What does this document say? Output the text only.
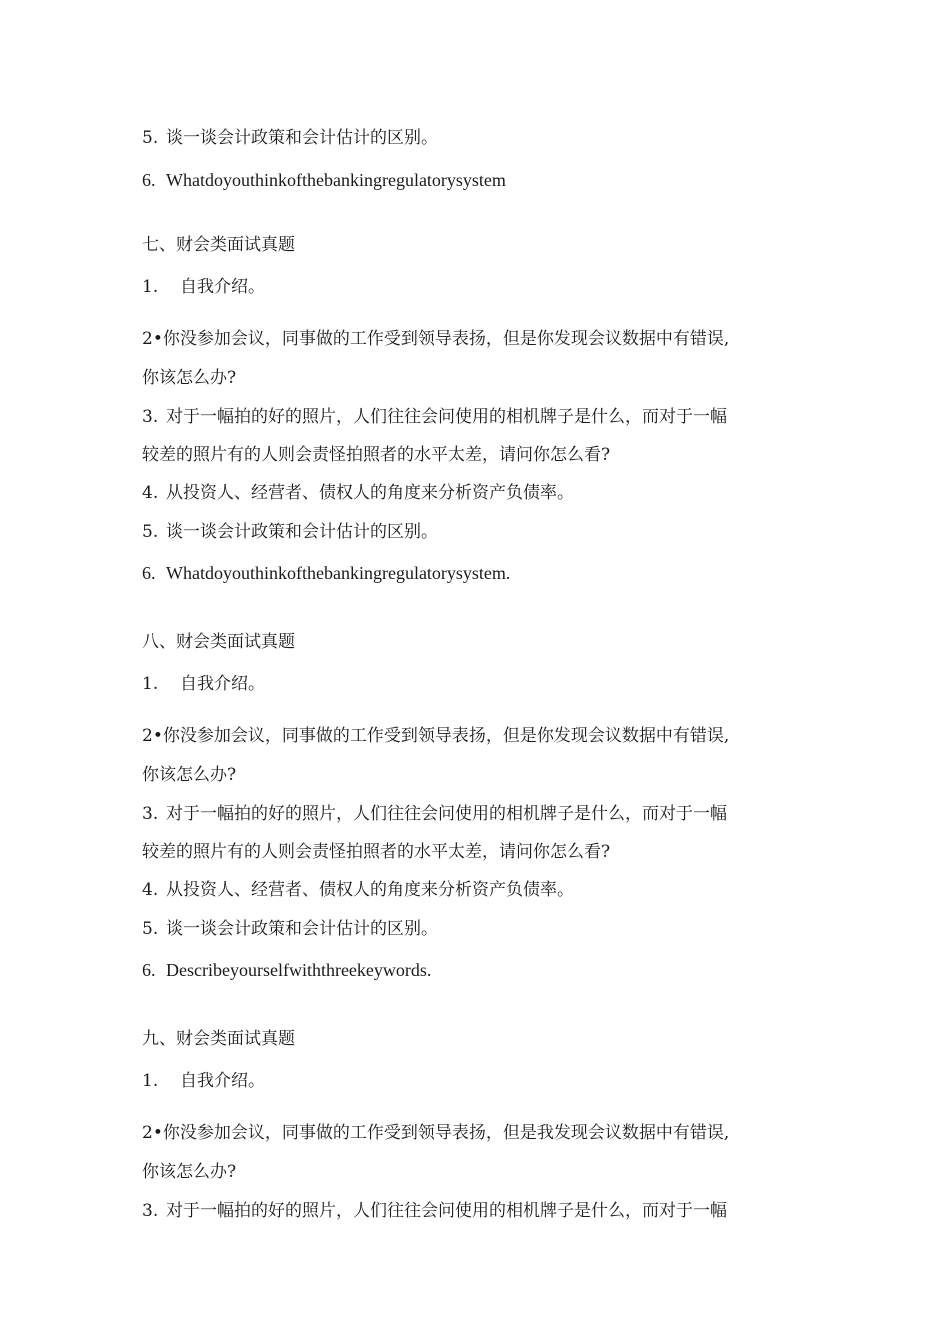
5. 谈一谈会计政策和会计估计的区别。
6. Whatdoyouthinkofthebankingregulatorysystem
七、财会类面试真题
1. 自我介绍。
2•你没参加会议，同事做的工作受到领导表扬，但是你发现会议数据中有错误,
你该怎么办?
3. 对于一幅拍的好的照片，人们往往会问使用的相机牌子是什么，而对于一幅
较差的照片有的人则会责怪拍照者的水平太差，请问你怎么看?
4. 从投资人、经营者、债权人的角度来分析资产负债率。
5. 谈一谈会计政策和会计估计的区别。
6. Whatdoyouthinkofthebankingregulatorysystem.
八、财会类面试真题
1. 自我介绍。
2•你没参加会议，同事做的工作受到领导表扬，但是你发现会议数据中有错误,
你该怎么办?
3. 对于一幅拍的好的照片，人们往往会问使用的相机牌子是什么，而对于一幅
较差的照片有的人则会责怪拍照者的水平太差，请问你怎么看?
4. 从投资人、经营者、债权人的角度来分析资产负债率。
5. 谈一谈会计政策和会计估计的区别。
6. Describeyourselfwiththreekeywords.
九、财会类面试真题
1. 自我介绍。
2•你没参加会议，同事做的工作受到领导表扬，但是我发现会议数据中有错误,
你该怎么办?
3. 对于一幅拍的好的照片，人们往往会问使用的相机牌子是什么，而对于一幅
